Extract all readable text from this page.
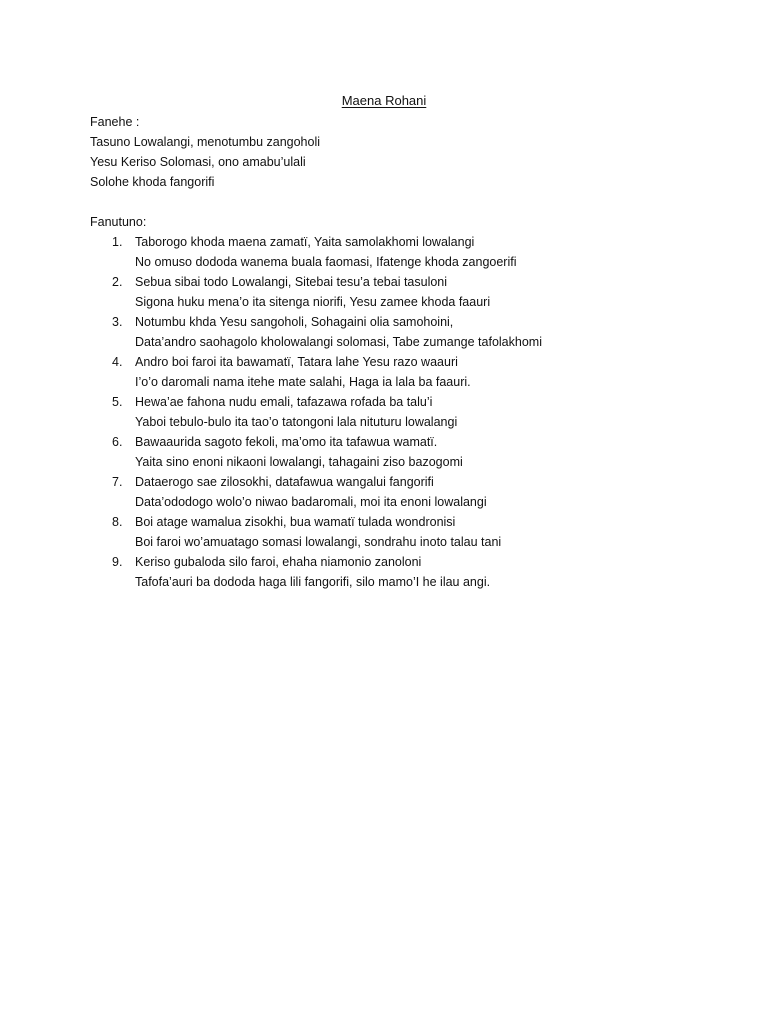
Maena Rohani
Fanehe :
Tasuno Lowalangi, menotumbu zangoholi
Yesu Keriso Solomasi, ono amabu’ulali
Solohe khoda fangorifi
Fanutuno:
1. Taborogo khoda maena zamatï, Yaita samolakhomi lowalangi
No omuso dododa wanema buala faomasi, Ifatenge khoda zangoerifi
2. Sebua sibai todo Lowalangi, Sitebai tesu’a tebai tasuloni
Sigona huku mena’o ita sitenga niorifi, Yesu zamee khoda faauri
3. Notumbu khda Yesu sangoholi, Sohagaini olia samohoini,
Data’andro saohagolo kholowalangi solomasi, Tabe zumange tafolakhomi
4. Andro boi faroi ita bawamatï, Tatara lahe Yesu razo waauri
I’o’o daromali nama itehe mate salahi, Haga ia lala ba faauri.
5. Hewa’ae fahona nudu emali, tafazawa rofada ba talu’i
Yaboi tebulo-bulo ita tao’o tatongoni lala nituturu lowalangi
6. Bawaaurida sagoto fekoli, ma’omo ita tafawua wamatï.
Yaita sino enoni nikaoni lowalangi, tahagaini ziso bazogomi
7. Dataerogo sae zilosokhi, datafawua wangalui fangorifi
Data’ododogo wolo’o niwao badaromali, moi ita enoni lowalangi
8. Boi atage wamalua zisokhi, bua wamatï tulada wondronisi
Boi faroi wo’amuatago somasi lowalangi, sondrahu inoto talau tani
9. Keriso gubaloda silo faroi, ehaha niamonio zanoloni
Tafofa’auri ba dododa haga lili fangorifi, silo mamo’I he ilau angi.
